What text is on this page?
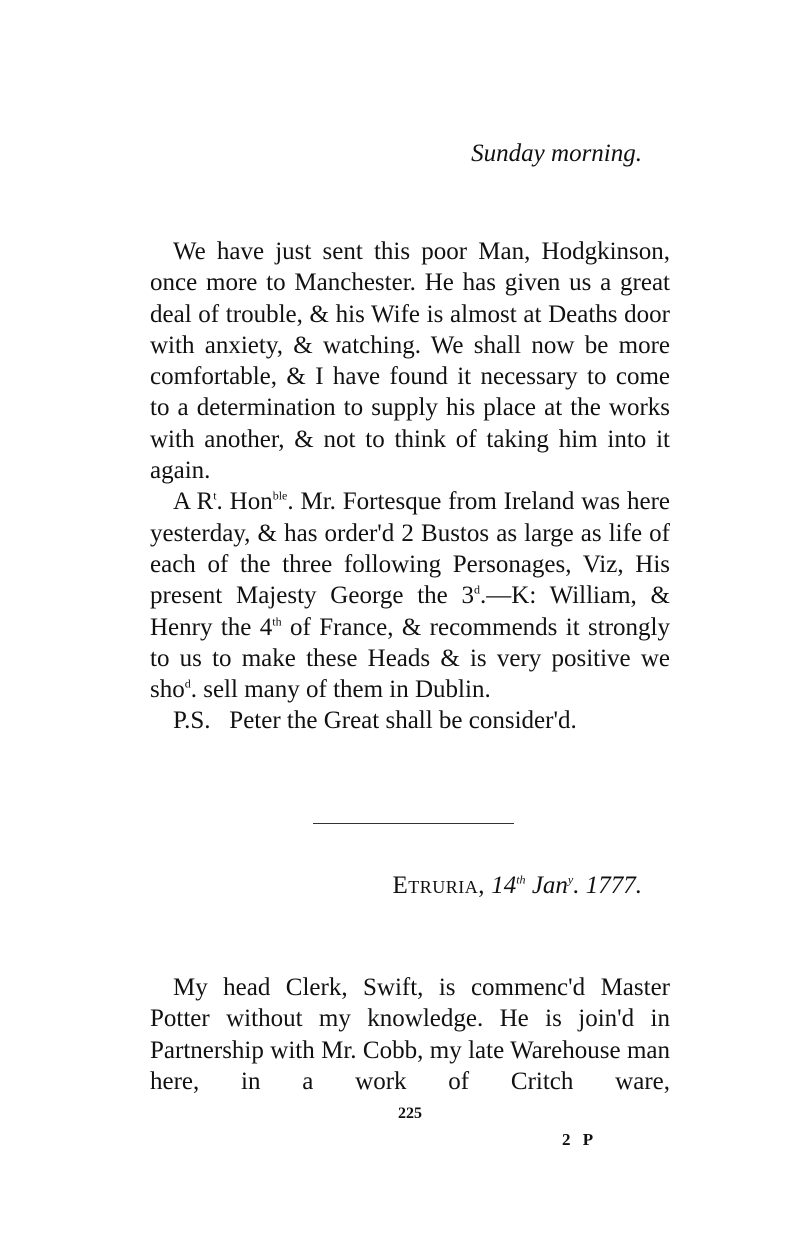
Sunday morning.

We have just sent this poor Man, Hodgkinson, once more to Manchester. He has given us a great deal of trouble, & his Wife is almost at Deaths door with anxiety, & watching. We shall now be more comfortable, & I have found it necessary to come to a determination to supply his place at the works with another, & not to think of taking him into it again.

A $R^t$. Hon$^{ble}$. Mr. Fortesque from Ireland was here yesterday, & has order'd 2 Bustos as large as life of each of the three following Personages, Viz, His present Majesty George the 3$^d$.—K: William, & Henry the 4th of France, & recommends it strongly to us to make these Heads & is very positive we sho$^d$. sell many of them in Dublin.

P.S.   Peter the Great shall be consider'd.

Etruria, 14th Jan$^y$. 1777.

My head Clerk, Swift, is commenc'd Master Potter without my knowledge. He is join'd in Partnership with Mr. Cobb, my late Warehouse man here, in a work of Critch ware,

225
2 P
